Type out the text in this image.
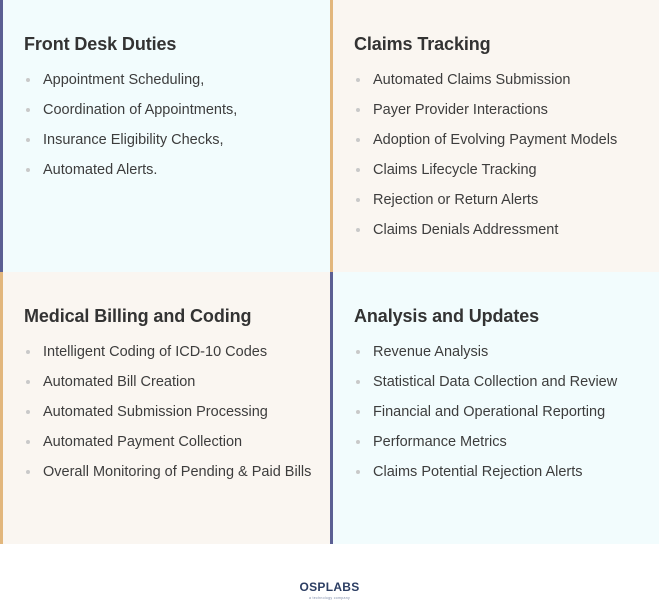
Front Desk Duties
Appointment Scheduling,
Coordination of Appointments,
Insurance Eligibility Checks,
Automated Alerts.
Claims Tracking
Automated Claims Submission
Payer Provider Interactions
Adoption of Evolving Payment Models
Claims Lifecycle Tracking
Rejection or Return Alerts
Claims Denials Addressment
Medical Billing and Coding
Intelligent Coding of ICD-10 Codes
Automated Bill Creation
Automated Submission Processing
Automated Payment Collection
Overall Monitoring of Pending & Paid Bills
Analysis and Updates
Revenue Analysis
Statistical Data Collection and Review
Financial and Operational Reporting
Performance Metrics
Claims Potential Rejection Alerts
OSPLABS
a technology company
